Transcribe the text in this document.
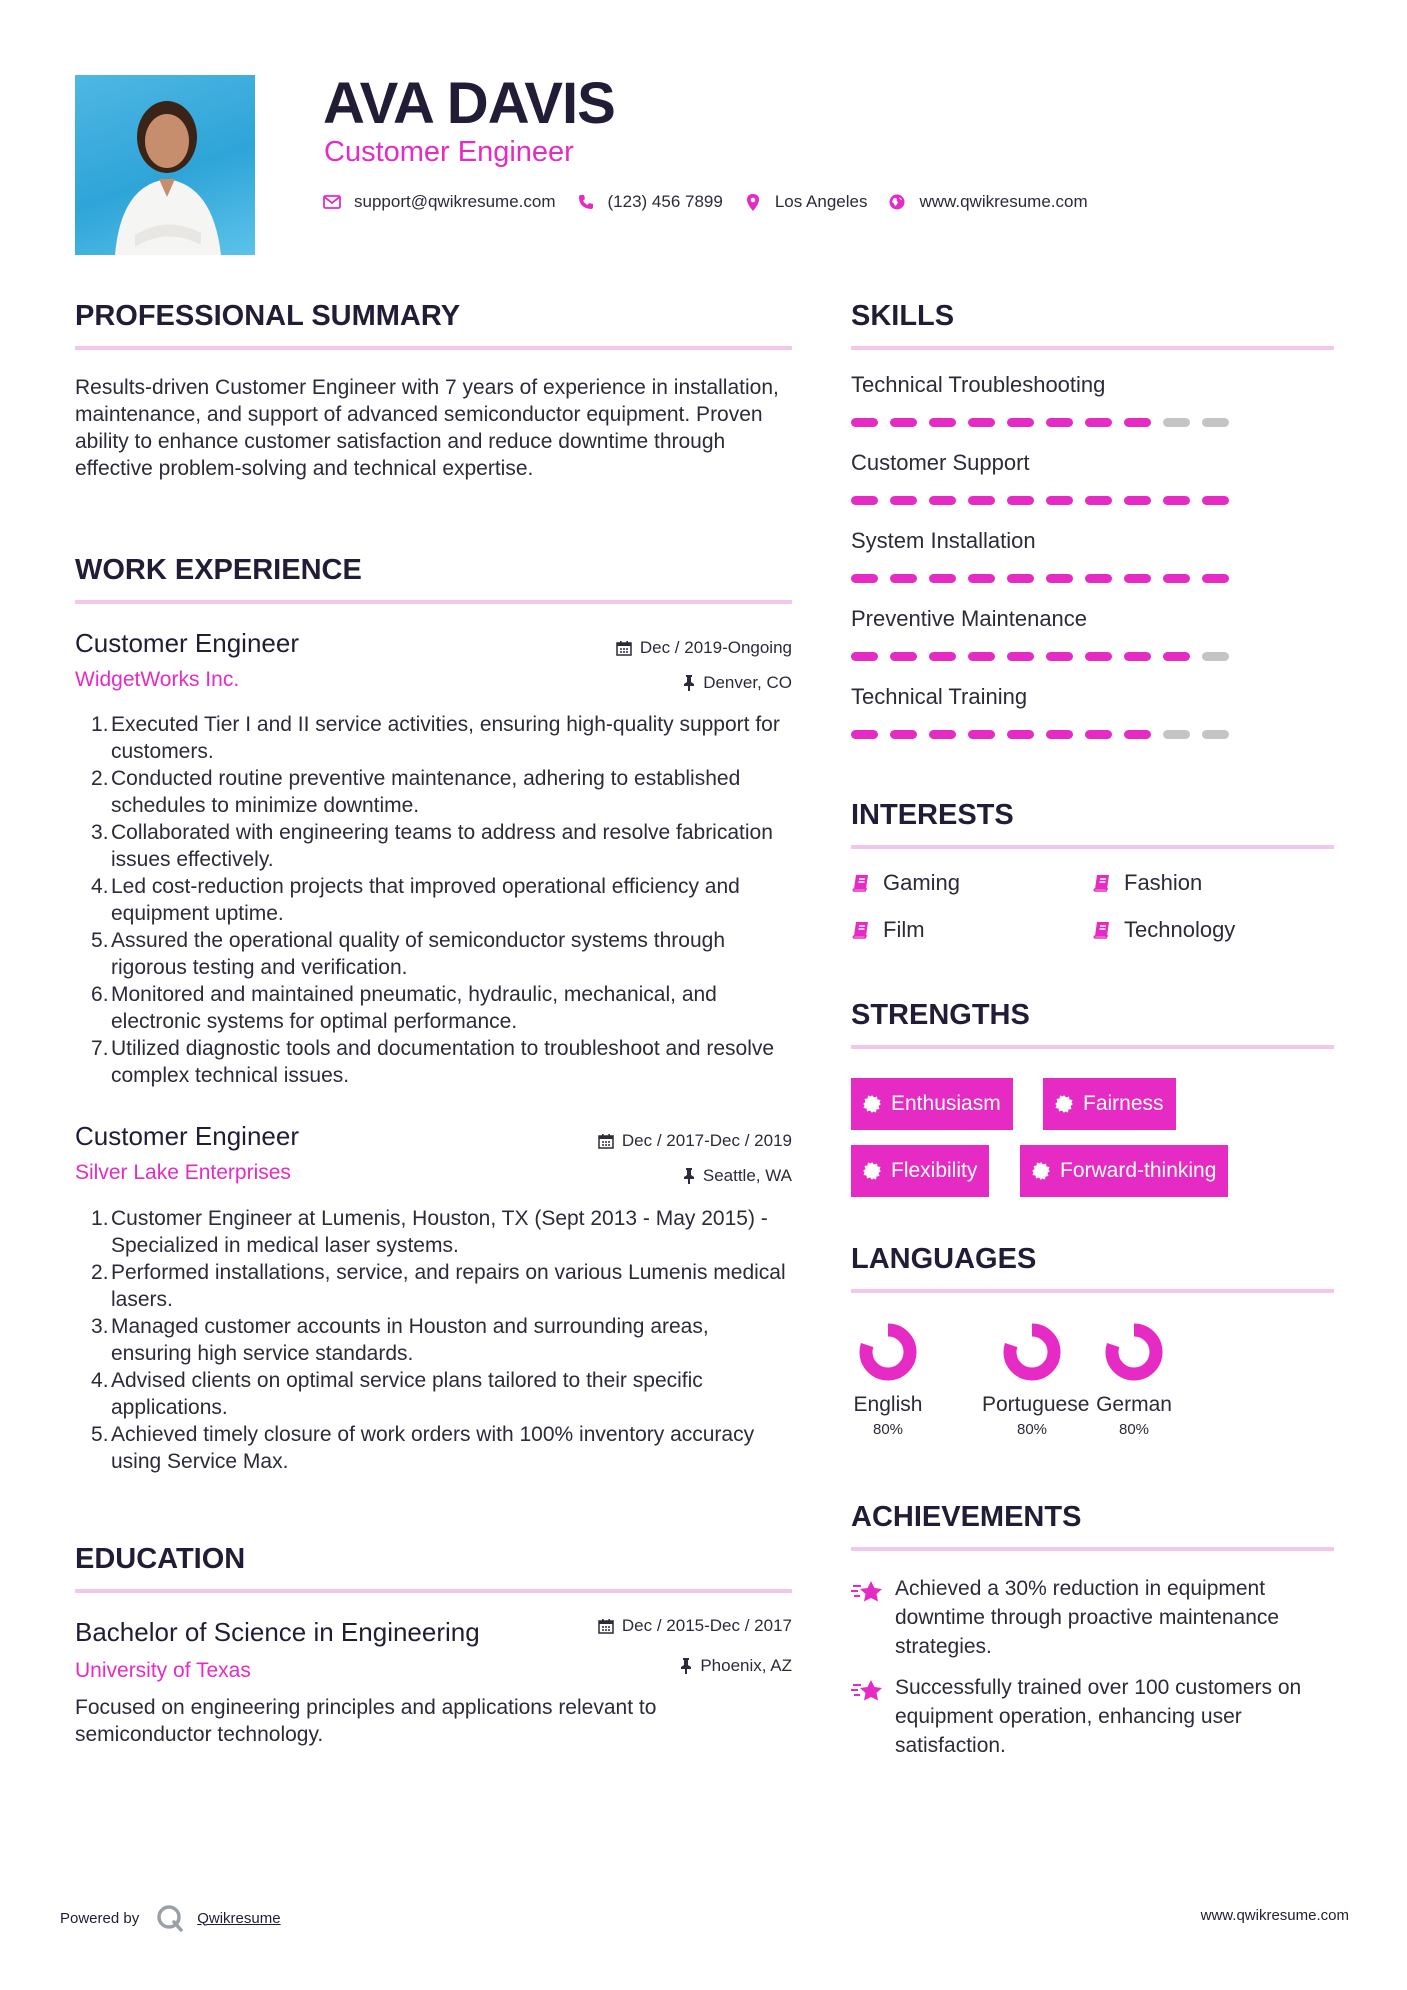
AVA DAVIS
Customer Engineer
support@qwikresume.com	(123) 456 7899	Los Angeles	www.qwikresume.com
PROFESSIONAL SUMMARY
Results-driven Customer Engineer with 7 years of experience in installation, maintenance, and support of advanced semiconductor equipment. Proven ability to enhance customer satisfaction and reduce downtime through effective problem-solving and technical expertise.
WORK EXPERIENCE
Customer Engineer	Dec / 2019-Ongoing
WidgetWorks Inc.	Denver, CO
Executed Tier I and II service activities, ensuring high-quality support for customers.
Conducted routine preventive maintenance, adhering to established schedules to minimize downtime.
Collaborated with engineering teams to address and resolve fabrication issues effectively.
Led cost-reduction projects that improved operational efficiency and equipment uptime.
Assured the operational quality of semiconductor systems through rigorous testing and verification.
Monitored and maintained pneumatic, hydraulic, mechanical, and electronic systems for optimal performance.
Utilized diagnostic tools and documentation to troubleshoot and resolve complex technical issues.
Customer Engineer	Dec / 2017-Dec / 2019
Silver Lake Enterprises	Seattle, WA
Customer Engineer at Lumenis, Houston, TX (Sept 2013 - May 2015) - Specialized in medical laser systems.
Performed installations, service, and repairs on various Lumenis medical lasers.
Managed customer accounts in Houston and surrounding areas, ensuring high service standards.
Advised clients on optimal service plans tailored to their specific applications.
Achieved timely closure of work orders with 100% inventory accuracy using Service Max.
EDUCATION
Bachelor of Science in Engineering	Dec / 2015-Dec / 2017
University of Texas	Phoenix, AZ
Focused on engineering principles and applications relevant to semiconductor technology.
SKILLS
Technical Troubleshooting
Customer Support
System Installation
Preventive Maintenance
Technical Training
INTERESTS
Gaming	Fashion
Film	Technology
STRENGTHS
Enthusiasm	Fairness
Flexibility	Forward-thinking
LANGUAGES
English
80%
Portuguese
80%
German
80%
ACHIEVEMENTS
Achieved a 30% reduction in equipment downtime through proactive maintenance strategies.
Successfully trained over 100 customers on equipment operation, enhancing user satisfaction.
Powered by	Qwikresume	www.qwikresume.com
